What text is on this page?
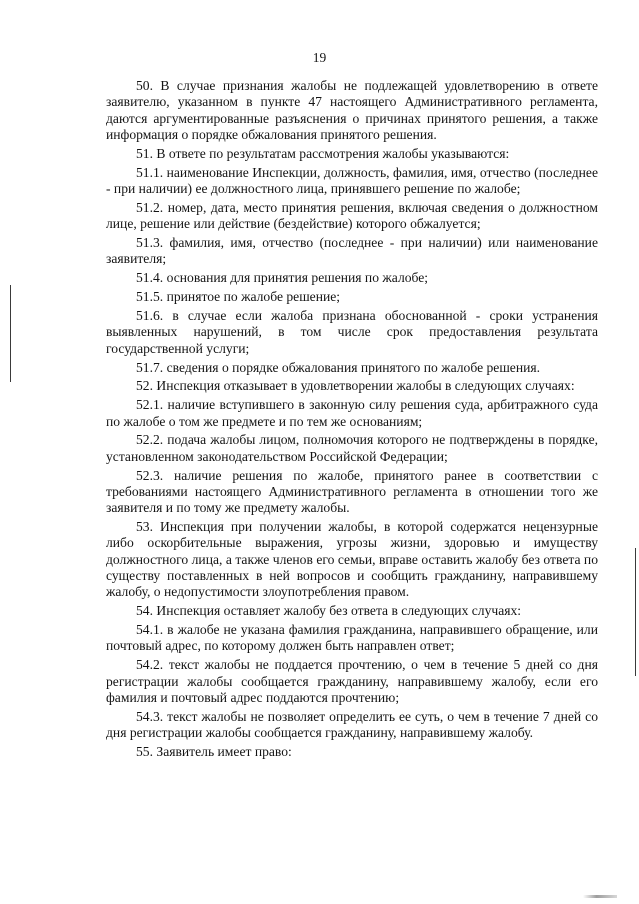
19

50. В случае признания жалобы не подлежащей удовлетворению в ответе заявителю, указанном в пункте 47 настоящего Административного регламента, даются аргументированные разъяснения о причинах принятого решения, а также информация о порядке обжалования принятого решения.

51. В ответе по результатам рассмотрения жалобы указываются:

51.1. наименование Инспекции, должность, фамилия, имя, отчество (последнее - при наличии) ее должностного лица, принявшего решение по жалобе;

51.2. номер, дата, место принятия решения, включая сведения о должностном лице, решение или действие (бездействие) которого обжалуется;

51.3. фамилия, имя, отчество (последнее - при наличии) или наименование заявителя;

51.4. основания для принятия решения по жалобе;

51.5. принятое по жалобе решение;

51.6. в случае если жалоба признана обоснованной - сроки устранения выявленных нарушений, в том числе срок предоставления результата государственной услуги;

51.7. сведения о порядке обжалования принятого по жалобе решения.

52. Инспекция отказывает в удовлетворении жалобы в следующих случаях:

52.1. наличие вступившего в законную силу решения суда, арбитражного суда по жалобе о том же предмете и по тем же основаниям;

52.2. подача жалобы лицом, полномочия которого не подтверждены в порядке, установленном законодательством Российской Федерации;

52.3. наличие решения по жалобе, принятого ранее в соответствии с требованиями настоящего Административного регламента в отношении того же заявителя и по тому же предмету жалобы.

53. Инспекция при получении жалобы, в которой содержатся нецензурные либо оскорбительные выражения, угрозы жизни, здоровью и имуществу должностного лица, а также членов его семьи, вправе оставить жалобу без ответа по существу поставленных в ней вопросов и сообщить гражданину, направившему жалобу, о недопустимости злоупотребления правом.

54. Инспекция оставляет жалобу без ответа в следующих случаях:

54.1. в жалобе не указана фамилия гражданина, направившего обращение, или почтовый адрес, по которому должен быть направлен ответ;

54.2. текст жалобы не поддается прочтению, о чем в течение 5 дней со дня регистрации жалобы сообщается гражданину, направившему жалобу, если его фамилия и почтовый адрес поддаются прочтению;

54.3. текст жалобы не позволяет определить ее суть, о чем в течение 7 дней со дня регистрации жалобы сообщается гражданину, направившему жалобу.

55. Заявитель имеет право:
